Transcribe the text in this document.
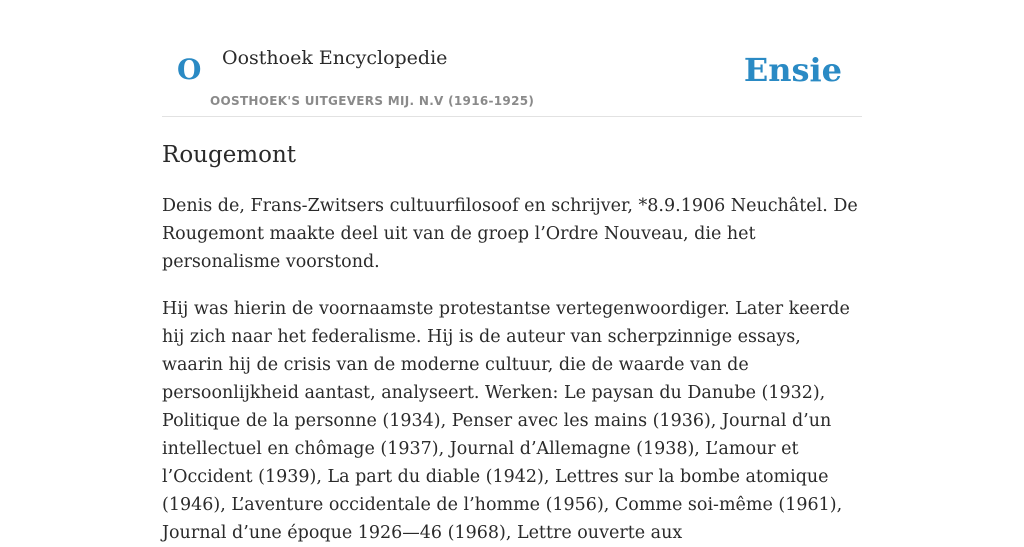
O Oosthoek Encyclopedie
OOSTHOEK'S UITGEVERS MIJ. N.V (1916-1925)
Ensie
Rougemont

Denis de, Frans-Zwitsers cultuurfilosoof en schrijver, *8.9.1906 Neuchâtel. De Rougemont maakte deel uit van de groep l’Ordre Nouveau, die het personalisme voorstond.

Hij was hierin de voornaamste protestantse vertegenwoordiger. Later keerde hij zich naar het federalisme. Hij is de auteur van scherpzinnige essays, waarin hij de crisis van de moderne cultuur, die de waarde van de persoonlijkheid aantast, analyseert. Werken: Le paysan du Danube (1932), Politique de la personne (1934), Penser avec les mains (1936), Journal d’un intellectuel en chômage (1937), Journal d’Allemagne (1938), L’amour et l’Occident (1939), La part du diable (1942), Lettres sur la bombe atomique (1946), L’aventure occidentale de l’homme (1956), Comme soi-même (1961), Journal d’une époque 1926—46 (1968), Lettre ouverte aux
